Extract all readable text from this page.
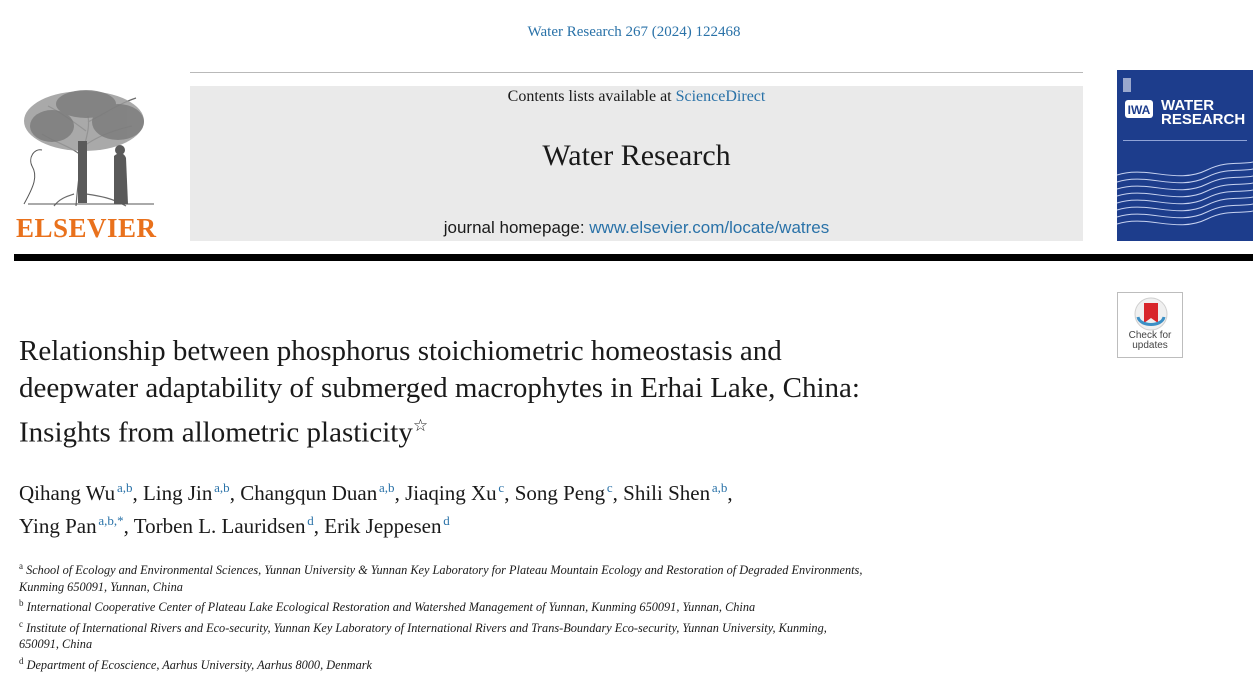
Water Research 267 (2024) 122468
ELSEVIER
Contents lists available at ScienceDirect
Water Research
journal homepage: www.elsevier.com/locate/watres
IWA WATER
RESEARCH
Check for
updates
Relationship between phosphorus stoichiometric homeostasis and
deepwater adaptability of submerged macrophytes in Erhai Lake, China:
Insights from allometric plasticity☆
Qihang Wu  $^{a,b}$, Ling Jin  $^{a,b}$, Changqun Duan  $^{a,b}$, Jiaqing Xu  $^c$, Song Peng  $^c$, Shili Shen  $^{a,b}$,
Ying Pan  $^{a,b,*}$, Torben L. Lauridsen  $^d$, Erik Jeppesen  $^d$
$^a$ School of Ecology and Environmental Sciences, Yunnan University & Yunnan Key Laboratory for Plateau Mountain Ecology and Restoration of Degraded Environments,
Kunming 650091, Yunnan, China
$^b$ International Cooperative Center of Plateau Lake Ecological Restoration and Watershed Management of Yunnan, Kunming 650091, Yunnan, China
$^c$ Institute of International Rivers and Eco-security, Yunnan Key Laboratory of International Rivers and Trans-Boundary Eco-security, Yunnan University, Kunming,
650091, China
$^d$ Department of Ecoscience, Aarhus University, Aarhus 8000, Denmark
